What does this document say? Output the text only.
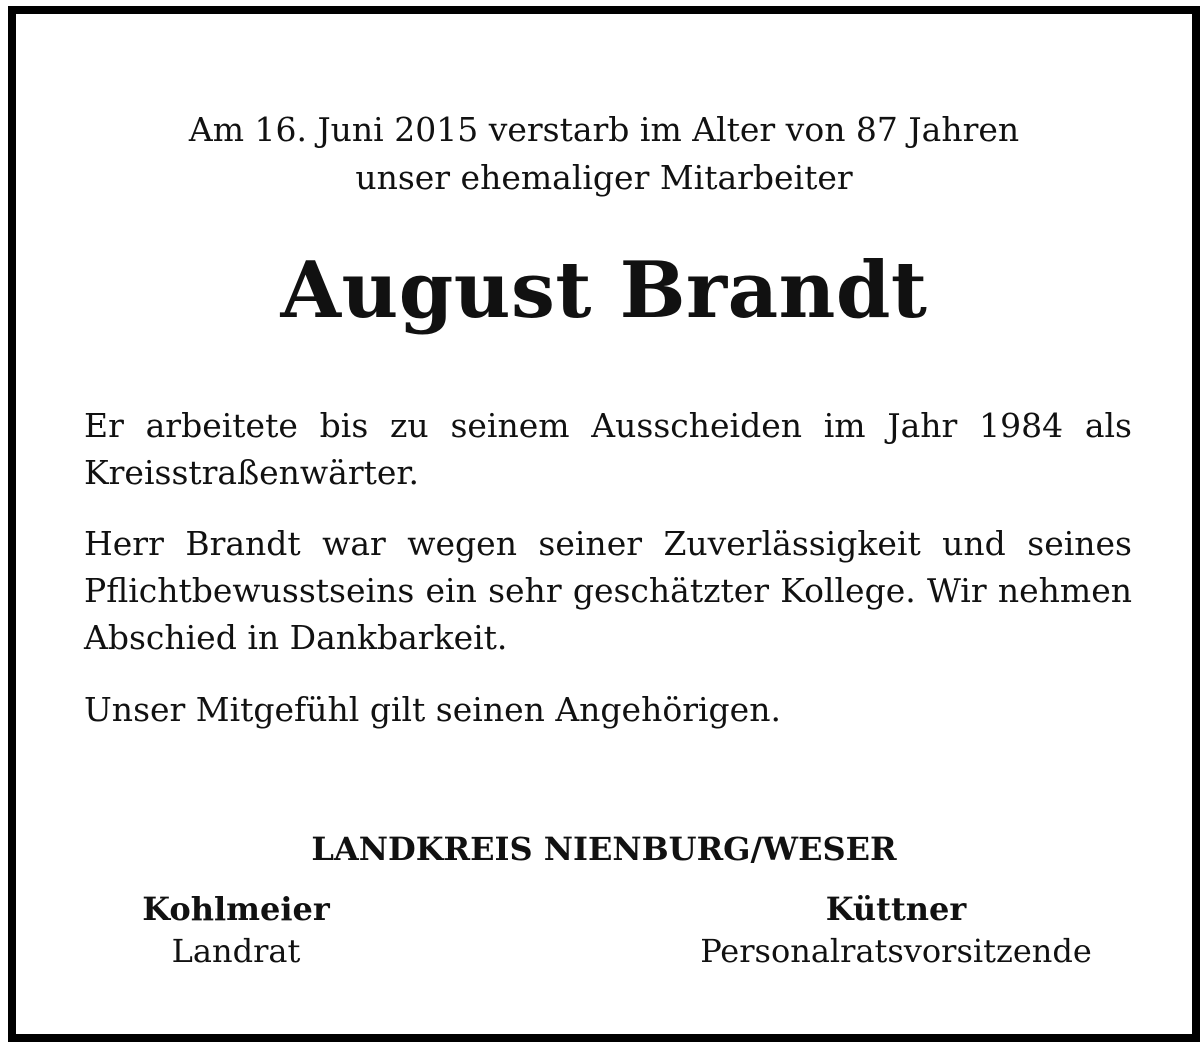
Am 16. Juni 2015 verstarb im Alter von 87 Jahren
unser ehemaliger Mitarbeiter
August Brandt
Er arbeitete bis zu seinem Ausscheiden im Jahr 1984 als Kreisstraßenwärter.
Herr Brandt war wegen seiner Zuverlässigkeit und seines Pflichtbewusstseins ein sehr geschätzter Kollege. Wir nehmen Abschied in Dankbarkeit.
Unser Mitgefühl gilt seinen Angehörigen.
LANDKREIS NIENBURG/WESER
Kohlmeier
Landrat
Küttner
Personalratsvorsitzende
